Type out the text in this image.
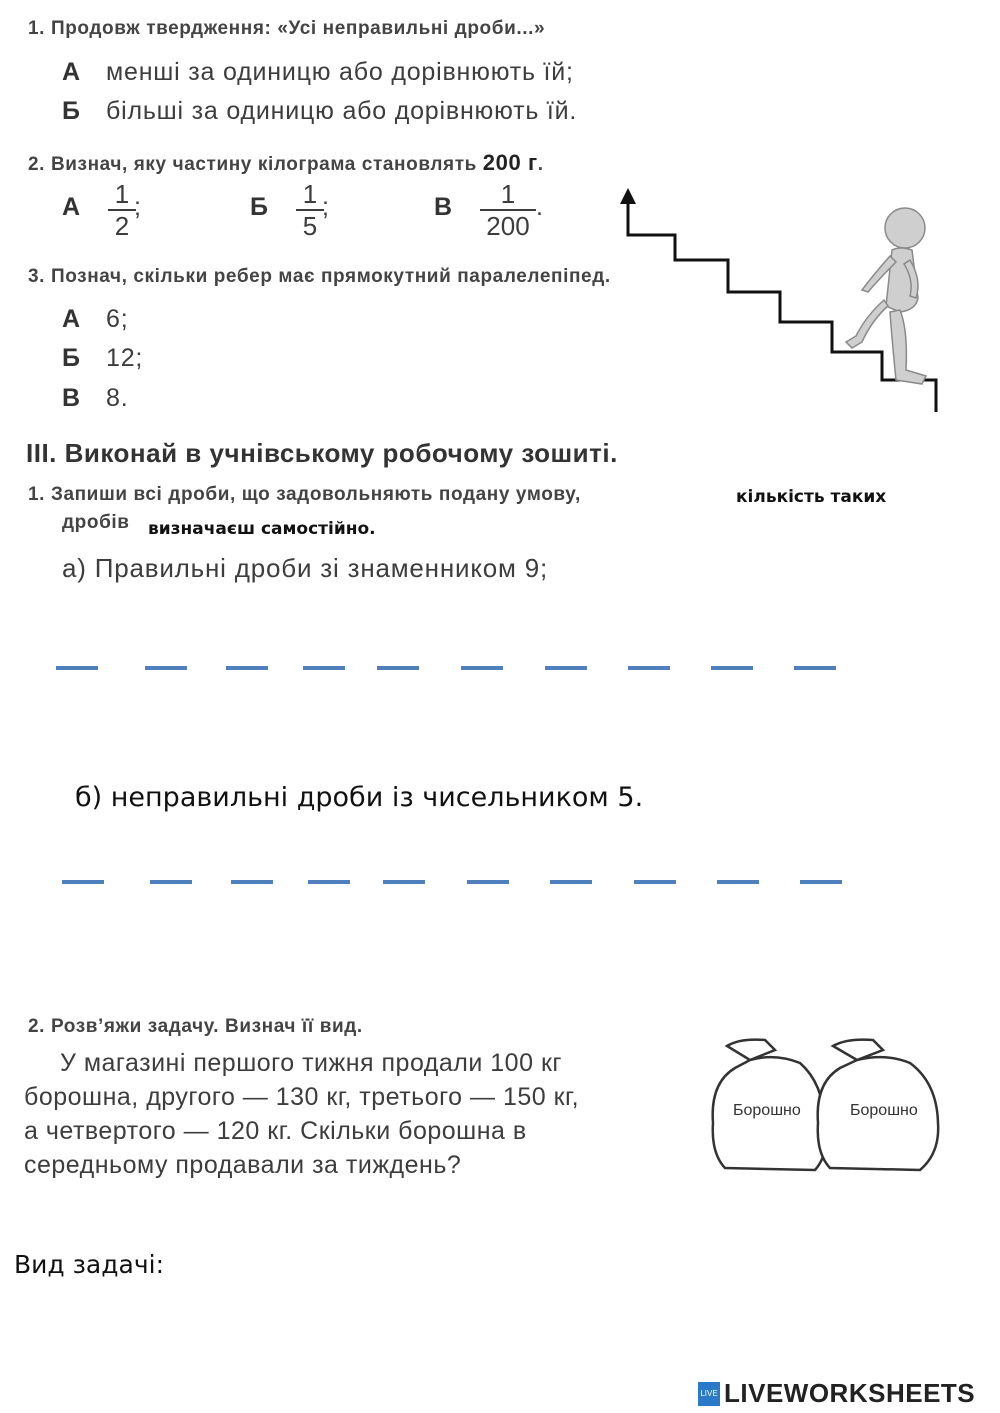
1. Продовж твердження: «Усі неправильні дроби...»
А менші за одиницю або дорівнюють їй;
Б більші за одиницю або дорівнюють їй.
2. Визнач, яку частину кілограма становлять 200 г.
А	1
2
;	Б	1
5
;	В	1
200
.
3. Познач, скільки ребер має прямокутний паралелепіпед.
А 6;
Б 12;
В 8.
III. Виконай в учнівському робочому зошиті.
1. Запиши всі дроби, що задовольняють подану умову,	кількість таких
дробів визначаєш самостійно.
а) Правильні дроби зі знаменником 9;
б) неправильні дроби із чисельником 5.
2. Розв’яжи задачу. Визнач її вид.
У магазині першого тижня продали 100 кг
борошна, другого — 130 кг, третього — 150 кг,
а четвертого — 120 кг. Скільки борошна в
середньому продавали за тиждень?
Борошно	Борошно
Вид задачі:
LIVE LIVEWORKSHEETS
